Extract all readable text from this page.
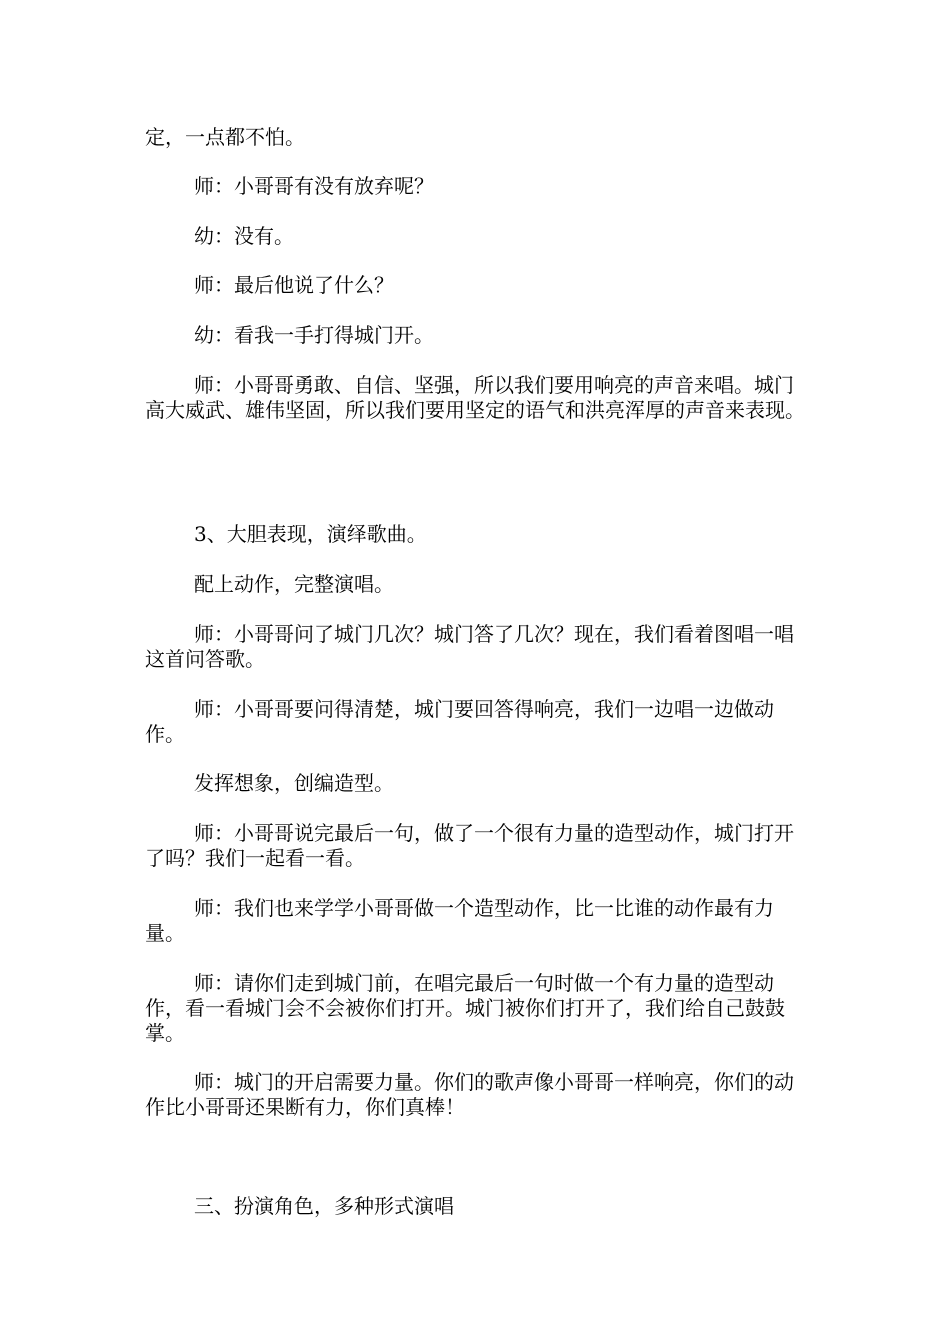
定，一点都不怕。

师：小哥哥有没有放弃呢？

幼：没有。

师：最后他说了什么？

幼：看我一手打得城门开。

师：小哥哥勇敢、自信、坚强，所以我们要用响亮的声音来唱。城门高大威武、雄伟坚固，所以我们要用坚定的语气和洪亮浑厚的声音来表现。

3、大胆表现，演绎歌曲。

配上动作，完整演唱。

师：小哥哥问了城门几次？城门答了几次？现在，我们看着图唱一唱这首问答歌。

师：小哥哥要问得清楚，城门要回答得响亮，我们一边唱一边做动作。

发挥想象，创编造型。

师：小哥哥说完最后一句，做了一个很有力量的造型动作，城门打开了吗？我们一起看一看。

师：我们也来学学小哥哥做一个造型动作，比一比谁的动作最有力量。

师：请你们走到城门前，在唱完最后一句时做一个有力量的造型动作，看一看城门会不会被你们打开。城门被你们打开了，我们给自己鼓鼓掌。

师：城门的开启需要力量。你们的歌声像小哥哥一样响亮，你们的动作比小哥哥还果断有力，你们真棒！

三、扮演角色，多种形式演唱
